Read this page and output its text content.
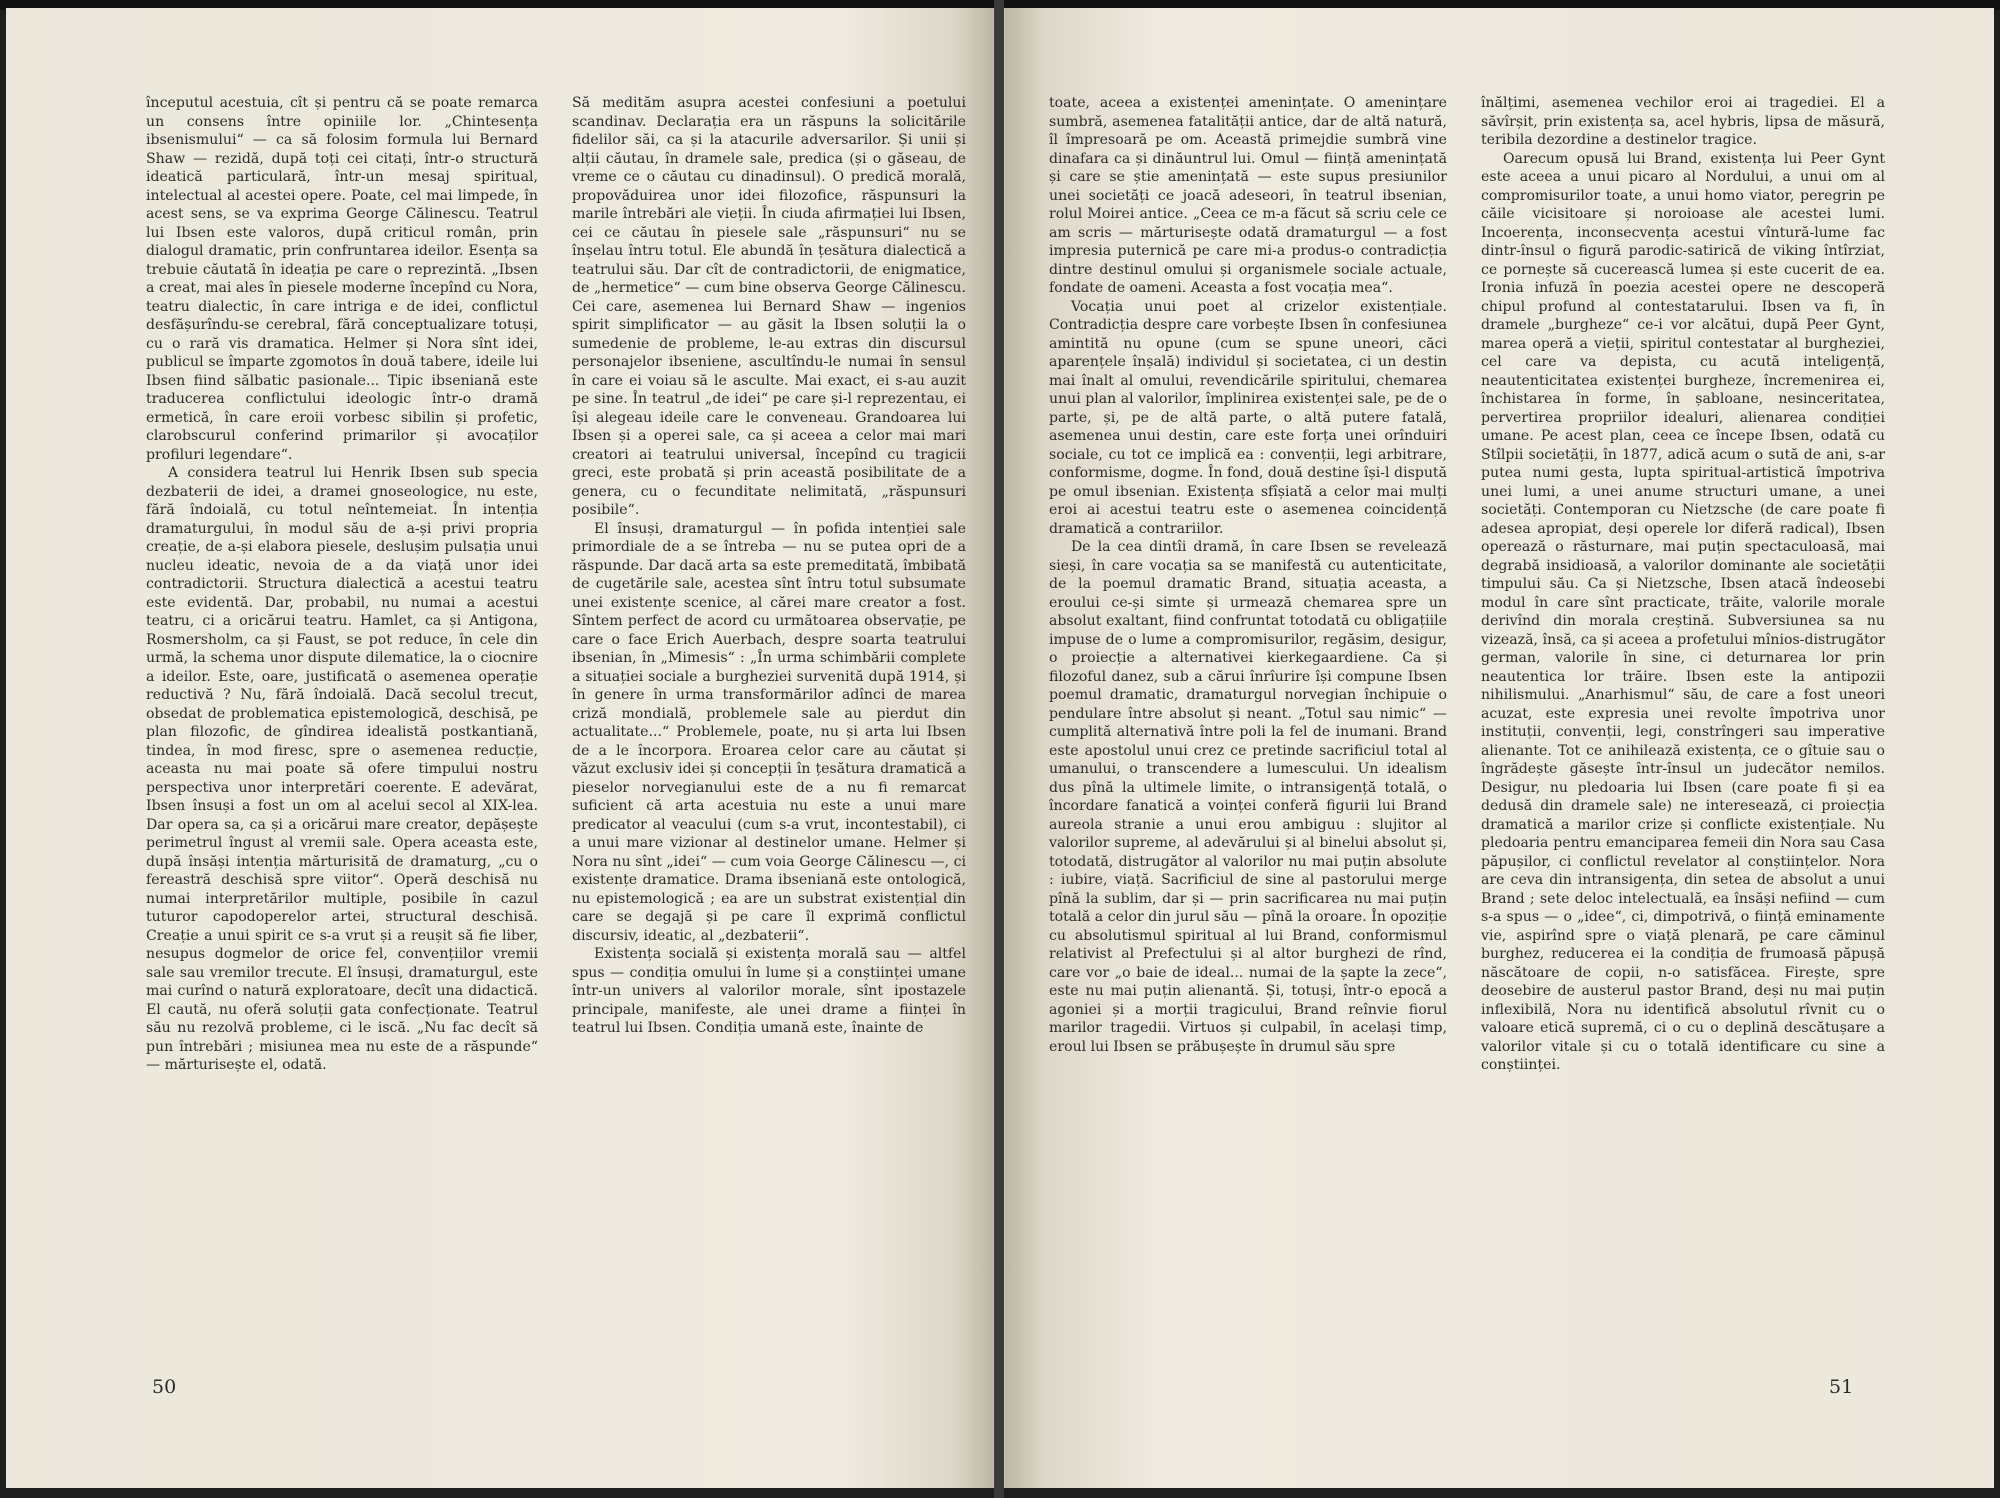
începutul acestuia, cît și pentru că se poate remarca un consens între opiniile lor. „Chintesența ibsenismului“ — ca să folosim formula lui Bernard Shaw — rezidă, după toți cei citați, într-o structură ideatică particulară, într-un mesaj spiritual, intelectual al acestei opere. Poate, cel mai limpede, în acest sens, se va exprima George Călinescu. Teatrul lui Ibsen este valoros, după criticul român, prin dialogul dramatic, prin confruntarea ideilor. Esența sa trebuie căutată în ideația pe care o reprezintă. „Ibsen a creat, mai ales în piesele moderne începînd cu Nora, teatru dialectic, în care intriga e de idei, conflictul desfășurîndu-se cerebral, fără conceptualizare totuși, cu o rară vis dramatica. Helmer și Nora sînt idei, publicul se împarte zgomotos în două tabere, ideile lui Ibsen fiind sălbatic pasionale... Tipic ibseniană este traducerea conflictului ideologic într-o dramă ermetică, în care eroii vorbesc sibilin și profetic, clarobscurul conferind primarilor și avocaților profiluri legendare“.

A considera teatrul lui Henrik Ibsen sub specia dezbaterii de idei, a dramei gnoseologice, nu este, fără îndoială, cu totul neîntemeiat. În intenția dramaturgului, în modul său de a-și privi propria creație, de a-și elabora piesele, deslușim pulsația unui nucleu ideatic, nevoia de a da viață unor idei contradictorii. Structura dialectică a acestui teatru este evidentă. Dar, probabil, nu numai a acestui teatru, ci a oricărui teatru. Hamlet, ca și Antigona, Rosmersholm, ca și Faust, se pot reduce, în cele din urmă, la schema unor dispute dilematice, la o ciocnire a ideilor. Este, oare, justificată o asemenea operație reductivă ? Nu, fără îndoială. Dacă secolul trecut, obsedat de problematica epistemologică, deschisă, pe plan filozofic, de gîndirea idealistă postkantiană, tindea, în mod firesc, spre o asemenea reducție, aceasta nu mai poate să ofere timpului nostru perspectiva unor interpretări coerente. E adevărat, Ibsen însuși a fost un om al acelui secol al XIX-lea. Dar opera sa, ca și a oricărui mare creator, depășește perimetrul îngust al vremii sale. Opera aceasta este, după însăși intenția mărturisită de dramaturg, „cu o fereastră deschisă spre viitor“. Operă deschisă nu numai interpretărilor multiple, posibile în cazul tuturor capodoperelor artei, structural deschisă. Creație a unui spirit ce s-a vrut și a reușit să fie liber, nesupus dogmelor de orice fel, convențiilor vremii sale sau vremilor trecute. El însuși, dramaturgul, este mai curînd o natură exploratoare, decît una didactică. El caută, nu oferă soluții gata confecționate. Teatrul său nu rezolvă probleme, ci le iscă. „Nu fac decît să pun întrebări ; misiunea mea nu este de a răspunde“ — mărturisește el, odată.

Să medităm asupra acestei confesiuni a poetului scandinav. Declarația era un răspuns la solicitările fidelilor săi, ca și la atacurile adversarilor. Și unii și alții căutau, în dramele sale, predica (și o găseau, de vreme ce o căutau cu dinadinsul). O predică morală, propovăduirea unor idei filozofice, răspunsuri la marile întrebări ale vieții. În ciuda afirmației lui Ibsen, cei ce căutau în piesele sale „răspunsuri“ nu se înșelau întru totul. Ele abundă în țesătura dialectică a teatrului său. Dar cît de contradictorii, de enigmatice, de „hermetice“ — cum bine observa George Călinescu. Cei care, asemenea lui Bernard Shaw — ingenios spirit simplificator — au găsit la Ibsen soluții la o sumedenie de probleme, le-au extras din discursul personajelor ibseniene, ascultîndu-le numai în sensul în care ei voiau să le asculte. Mai exact, ei s-au auzit pe sine. În teatrul „de idei“ pe care și-l reprezentau, ei își alegeau ideile care le conveneau. Grandoarea lui Ibsen și a operei sale, ca și aceea a celor mai mari creatori ai teatrului universal, începînd cu tragicii greci, este probată și prin această posibilitate de a genera, cu o fecunditate nelimitată, „răspunsuri posibile“.

El însuși, dramaturgul — în pofida intenției sale primordiale de a se întreba — nu se putea opri de a răspunde. Dar dacă arta sa este premeditată, îmbibată de cugetările sale, acestea sînt întru totul subsumate unei existențe scenice, al cărei mare creator a fost. Sîntem perfect de acord cu următoarea observație, pe care o face Erich Auerbach, despre soarta teatrului ibsenian, în „Mimesis“ : „În urma schimbării complete a situației sociale a burgheziei survenită după 1914, și în genere în urma transformărilor adînci de marea criză mondială, problemele sale au pierdut din actualitate...“ Problemele, poate, nu și arta lui Ibsen de a le încorpora. Eroarea celor care au căutat și văzut exclusiv idei și concepții în țesătura dramatică a pieselor norvegianului este de a nu fi remarcat suficient că arta acestuia nu este a unui mare predicator al veacului (cum s-a vrut, incontestabil), ci a unui mare vizionar al destinelor umane. Helmer și Nora nu sînt „idei“ — cum voia George Călinescu —, ci existențe dramatice. Drama ibseniană este ontologică, nu epistemologică ; ea are un substrat existențial din care se degajă și pe care îl exprimă conflictul discursiv, ideatic, al „dezbaterii“.

Existența socială și existența morală sau — altfel spus — condiția omului în lume și a conștiinței umane într-un univers al valorilor morale, sînt ipostazele principale, manifeste, ale unei drame a ființei în teatrul lui Ibsen. Condiția umană este, înainte de

50

toate, aceea a existenței amenințate. O amenințare sumbră, asemenea fatalității antice, dar de altă natură, îl împresoară pe om. Această primejdie sumbră vine dinafara ca și dinăuntrul lui. Omul — ființă amenințată și care se știe amenințată — este supus presiunilor unei societăți ce joacă adeseori, în teatrul ibsenian, rolul Moirei antice. „Ceea ce m-a făcut să scriu cele ce am scris — mărturisește odată dramaturgul — a fost impresia puternică pe care mi-a produs-o contradicția dintre destinul omului și organismele sociale actuale, fondate de oameni. Aceasta a fost vocația mea“.

Vocația unui poet al crizelor existențiale. Contradicția despre care vorbește Ibsen în confesiunea amintită nu opune (cum se spune uneori, căci aparențele înșală) individul și societatea, ci un destin mai înalt al omului, revendicările spiritului, chemarea unui plan al valorilor, împlinirea existenței sale, pe de o parte, și, pe de altă parte, o altă putere fatală, asemenea unui destin, care este forța unei orînduiri sociale, cu tot ce implică ea : convenții, legi arbitrare, conformisme, dogme. În fond, două destine își-l dispută pe omul ibsenian. Existența sfîșiată a celor mai mulți eroi ai acestui teatru este o asemenea coincidență dramatică a contrariilor.

De la cea dintîi dramă, în care Ibsen se revelează sieși, în care vocația sa se manifestă cu autenticitate, de la poemul dramatic Brand, situația aceasta, a eroului ce-și simte și urmează chemarea spre un absolut exaltant, fiind confruntat totodată cu obligațiile impuse de o lume a compromisurilor, regăsim, desigur, o proiecție a alternativei kierkegaardiene. Ca și filozoful danez, sub a cărui înrîurire își compune Ibsen poemul dramatic, dramaturgul norvegian închipuie o pendulare între absolut și neant. „Totul sau nimic“ — cumplită alternativă între poli la fel de inumani. Brand este apostolul unui crez ce pretinde sacrificiul total al umanului, o transcendere a lumescului. Un idealism dus pînă la ultimele limite, o intransigență totală, o încordare fanatică a voinței conferă figurii lui Brand aureola stranie a unui erou ambiguu : slujitor al valorilor supreme, al adevărului și al binelui absolut și, totodată, distrugător al valorilor nu mai puțin absolute : iubire, viață. Sacrificiul de sine al pastorului merge pînă la sublim, dar și — prin sacrificarea nu mai puțin totală a celor din jurul său — pînă la oroare. În opoziție cu absolutismul spiritual al lui Brand, conformismul relativist al Prefectului și al altor burghezi de rînd, care vor „o baie de ideal... numai de la șapte la zece“, este nu mai puțin alienantă. Și, totuși, într-o epocă a agoniei și a morții tragicului, Brand reînvie fiorul marilor tragedii. Virtuos și culpabil, în același timp, eroul lui Ibsen se prăbușește în drumul său spre

înălțimi, asemenea vechilor eroi ai tragediei. El a săvîrșit, prin existența sa, acel hybris, lipsa de măsură, teribila dezordine a destinelor tragice.

Oarecum opusă lui Brand, existența lui Peer Gynt este aceea a unui picaro al Nordului, a unui om al compromisurilor toate, a unui homo viator, peregrin pe căile vicisitoare și noroioase ale acestei lumi. Incoerența, inconsecvența acestui vîntură-lume fac dintr-însul o figură parodic-satirică de viking întîrziat, ce pornește să cucerească lumea și este cucerit de ea. Ironia infuză în poezia acestei opere ne descoperă chipul profund al contestatarului. Ibsen va fi, în dramele „burgheze“ ce-i vor alcătui, după Peer Gynt, marea operă a vieții, spiritul contestatar al burgheziei, cel care va depista, cu acută inteligență, neautenticitatea existenței burgheze, încremenirea ei, închistarea în forme, în șabloane, nesinceritatea, pervertirea propriilor idealuri, alienarea condiției umane. Pe acest plan, ceea ce începe Ibsen, odată cu Stîlpii societății, în 1877, adică acum o sută de ani, s-ar putea numi gesta, lupta spiritual-artistică împotriva unei lumi, a unei anume structuri umane, a unei societăți. Contemporan cu Nietzsche (de care poate fi adesea apropiat, deși operele lor diferă radical), Ibsen operează o răsturnare, mai puțin spectaculoasă, mai degrabă insidioasă, a valorilor dominante ale societății timpului său. Ca și Nietzsche, Ibsen atacă îndeosebi modul în care sînt practicate, trăite, valorile morale derivînd din morala creștină. Subversiunea sa nu vizează, însă, ca și aceea a profetului mînios-distrugător german, valorile în sine, ci deturnarea lor prin neautentica lor trăire. Ibsen este la antipozii nihilismului. „Anarhismul“ său, de care a fost uneori acuzat, este expresia unei revolte împotriva unor instituții, convenții, legi, constrîngeri sau imperative alienante. Tot ce anihilează existența, ce o gîtuie sau o îngrădește găsește într-însul un judecător nemilos. Desigur, nu pledoaria lui Ibsen (care poate fi și ea dedusă din dramele sale) ne interesează, ci proiecția dramatică a marilor crize și conflicte existențiale. Nu pledoaria pentru emanciparea femeii din Nora sau Casa păpușilor, ci conflictul revelator al conștiințelor. Nora are ceva din intransigența, din setea de absolut a unui Brand ; sete deloc intelectuală, ea însăși nefiind — cum s-a spus — o „idee“, ci, dimpotrivă, o ființă eminamente vie, aspirînd spre o viață plenară, pe care căminul burghez, reducerea ei la condiția de frumoasă păpușă născătoare de copii, n-o satisfăcea. Firește, spre deosebire de austerul pastor Brand, deși nu mai puțin inflexibilă, Nora nu identifică absolutul rîvnit cu o valoare etică supremă, ci o cu o deplină descătușare a valorilor vitale și cu o totală identificare cu sine a conștiinței.

51
